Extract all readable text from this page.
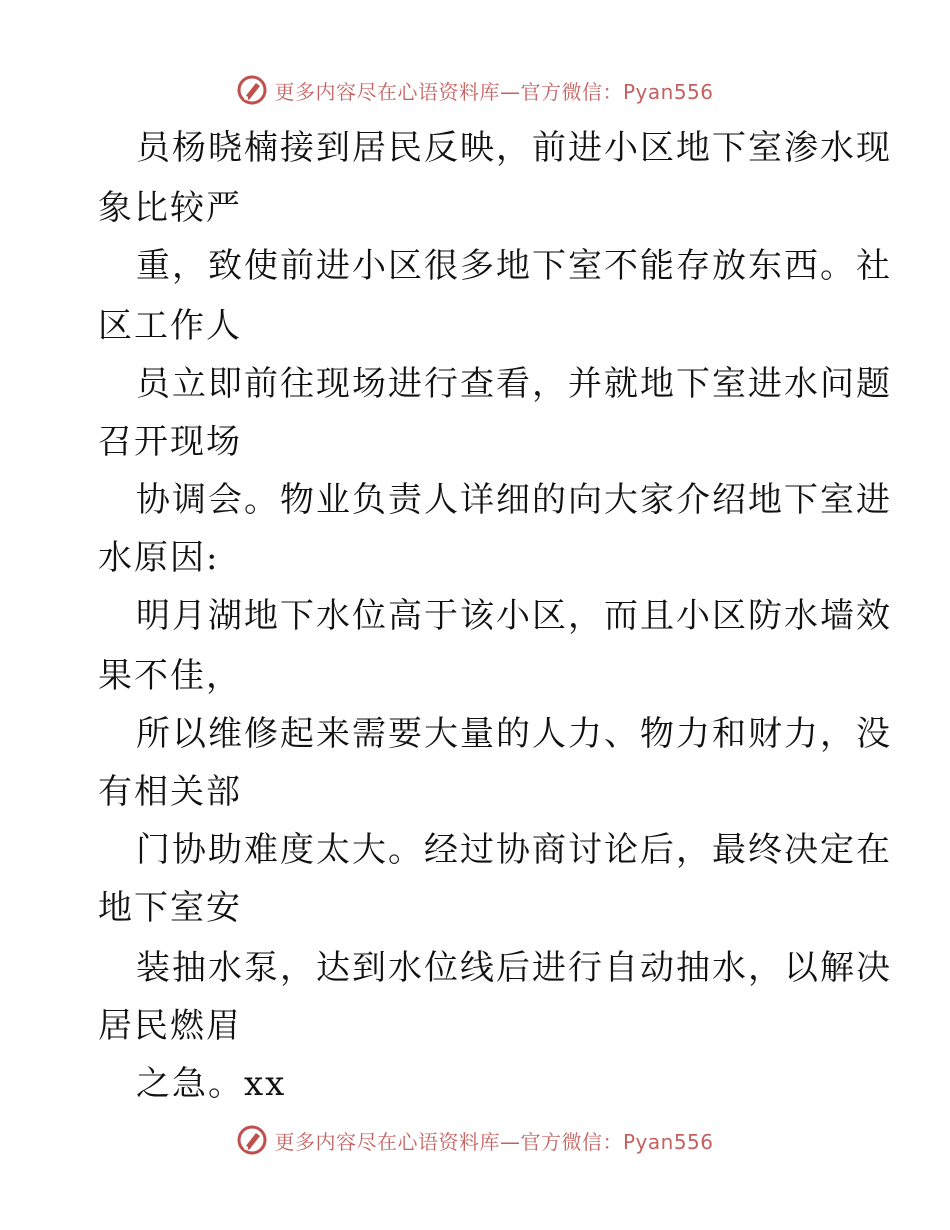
更多内容尽在心语资料库—官方微信：Pyan556
员杨晓楠接到居民反映，前进小区地下室渗水现
象比较严
重，致使前进小区很多地下室不能存放东西。社
区工作人
员立即前往现场进行查看，并就地下室进水问题
召开现场
协调会。物业负责人详细的向大家介绍地下室进
水原因:
明月湖地下水位高于该小区，而且小区防水墙效
果不佳，
所以维修起来需要大量的人力、物力和财力，没
有相关部
门协助难度太大。经过协商讨论后，最终决定在
地下室安
装抽水泵，达到水位线后进行自动抽水，以解决
居民燃眉
之急。xx
更多内容尽在心语资料库—官方微信：Pyan556
